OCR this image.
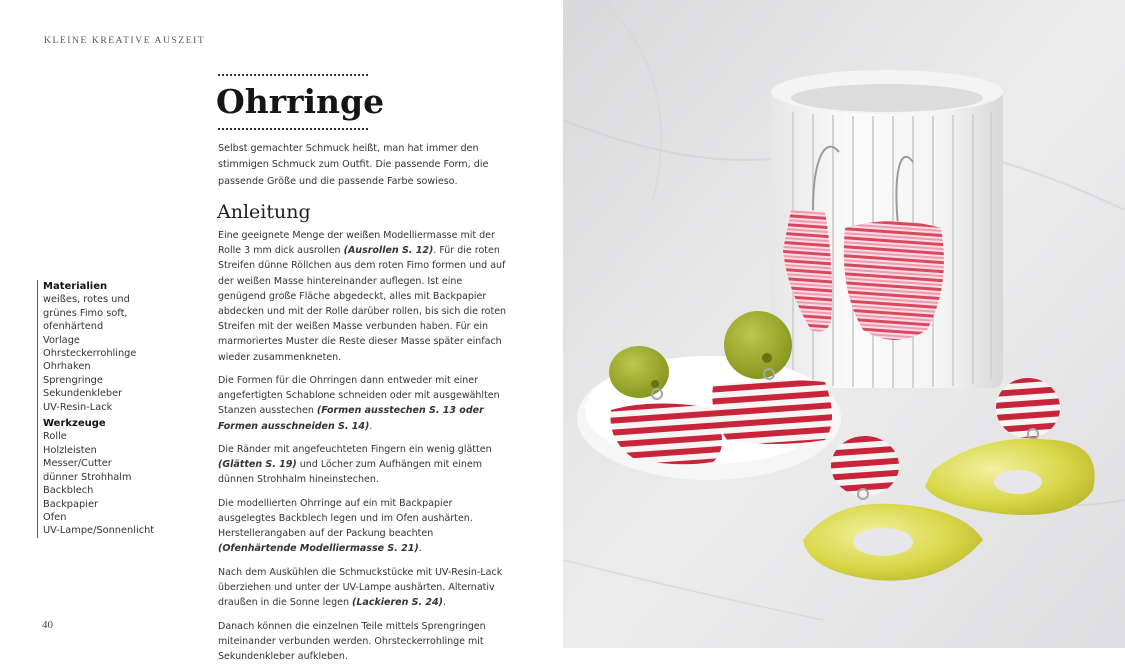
KLEINE KREATIVE AUSZEIT
Ohrringe

Selbst gemachter Schmuck heißt, man hat immer den stimmigen Schmuck zum Outfit. Die passende Form, die passende Größe und die passende Farbe sowieso.

Anleitung

Eine geeignete Menge der weißen Modelliermasse mit der Rolle 3 mm dick ausrollen (Ausrollen S. 12). Für die roten Streifen dünne Röllchen aus dem roten Fimo formen und auf der weißen Masse hintereinander auflegen. Ist eine genügend große Fläche abgedeckt, alles mit Backpapier abdecken und mit der Rolle darüber rollen, bis sich die roten Streifen mit der weißen Masse verbunden haben. Für ein marmoriertes Muster die Reste dieser Masse später einfach wieder zusammenkneten.

Die Formen für die Ohrringen dann entweder mit einer angefertigten Schablone schneiden oder mit ausgewählten Stanzen ausstechen (Formen ausstechen S. 13 oder Formen ausschneiden S. 14).

Die Ränder mit angefeuchteten Fingern ein wenig glätten (Glätten S. 19) und Löcher zum Aufhängen mit einem dünnen Strohhalm hineinstechen.

Die modellierten Ohrringe auf ein mit Backpapier ausgelegtes Backblech legen und im Ofen aushärten. Herstellerangaben auf der Packung beachten (Ofenhärtende Modelliermasse S. 21).

Nach dem Auskühlen die Schmuckstücke mit UV-Resin-Lack überziehen und unter der UV-Lampe aushärten. Alternativ draußen in die Sonne legen (Lackieren S. 24).

Danach können die einzelnen Teile mittels Sprengringen miteinander verbunden werden. Ohrsteckerrohlinge mit Sekundenkleber aufkleben.

Materialien
weißes, rotes und
grünes Fimo soft,
ofenhärtend
Vorlage
Ohrsteckerrohlinge
Ohrhaken
Sprengringe
Sekundenkleber
UV-Resin-Lack
Werkzeuge
Rolle
Holzleisten
Messer/Cutter
dünner Strohhalm
Backblech
Backpapier
Ofen
UV-Lampe/Sonnenlicht
40
